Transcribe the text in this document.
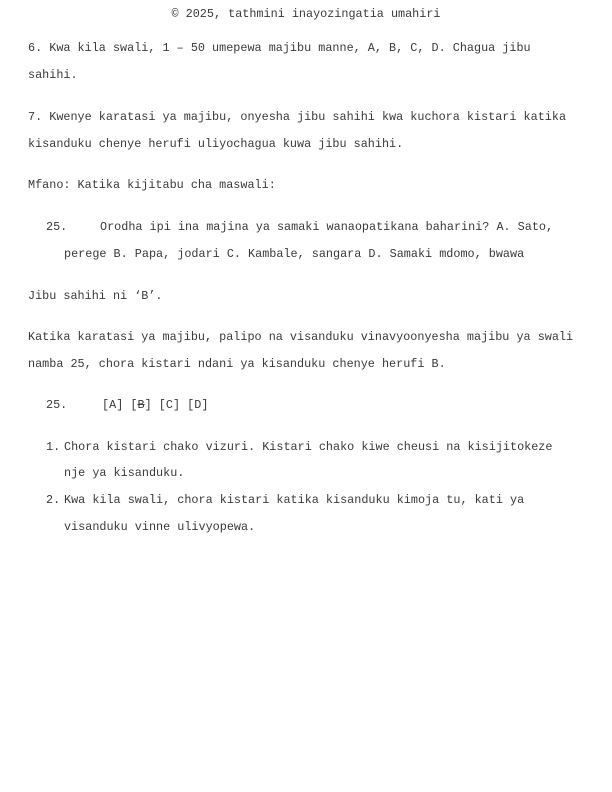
© 2025, tathmini inayozingatia umahiri
6. Kwa kila swali, 1 – 50 umepewa majibu manne, A, B, C, D. Chagua jibu
sahihi.
7. Kwenye karatasi ya majibu, onyesha jibu sahihi kwa kuchora kistari katika
kisanduku chenye herufi uliyochagua kuwa jibu sahihi.
Mfano: Katika kijitabu cha maswali:
25.	Orodha ipi ina majina ya samaki wanaopatikana baharini? A. Sato,
perege B. Papa, jodari C. Kambale, sangara D. Samaki mdomo, bwawa
Jibu sahihi ni ‘B’.
Katika karatasi ya majibu, palipo na visanduku vinavyoonyesha majibu ya swali
namba 25, chora kistari ndani ya kisanduku chenye herufi B.
25.	[A] [B] [C] [D]
1. Chora kistari chako vizuri. Kistari chako kiwe cheusi na kisijitokeze
nje ya kisanduku.
2. Kwa kila swali, chora kistari katika kisanduku kimoja tu, kati ya
visanduku vinne ulivyopewa.
